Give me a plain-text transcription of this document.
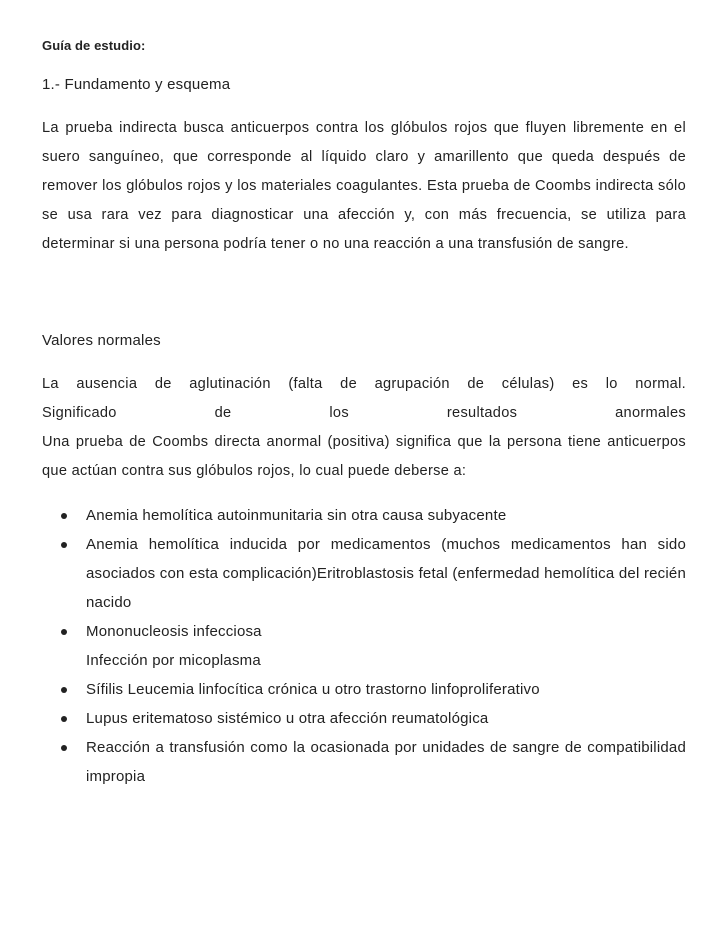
Guía de estudio:
1.- Fundamento y esquema

La prueba indirecta busca anticuerpos contra los glóbulos rojos que fluyen libremente en el suero sanguíneo, que corresponde al líquido claro y amarillento que queda después de remover los glóbulos rojos y los materiales coagulantes. Esta prueba de Coombs indirecta sólo se usa rara vez para diagnosticar una afección y, con más frecuencia, se utiliza para determinar si una persona podría tener o no una reacción a una transfusión de sangre.

Valores normales
La ausencia de aglutinación (falta de agrupación de células) es lo normal.
Significado	de	los	resultados	anormales

Una prueba de Coombs directa anormal (positiva) significa que la persona tiene anticuerpos que actúan contra sus glóbulos rojos, lo cual puede deberse a:

Anemia hemolítica autoinmunitaria sin otra causa subyacente
Anemia hemolítica inducida por medicamentos (muchos medicamentos han sido asociados con esta complicación)Eritroblastosis fetal (enfermedad hemolítica del recién nacido
Mononucleosis infecciosa
Infección por micoplasma
Sífilis Leucemia linfocítica crónica u otro trastorno linfoproliferativo
Lupus eritematoso sistémico u otra afección reumatológica
Reacción a transfusión como la ocasionada por unidades de sangre de compatibilidad impropia
